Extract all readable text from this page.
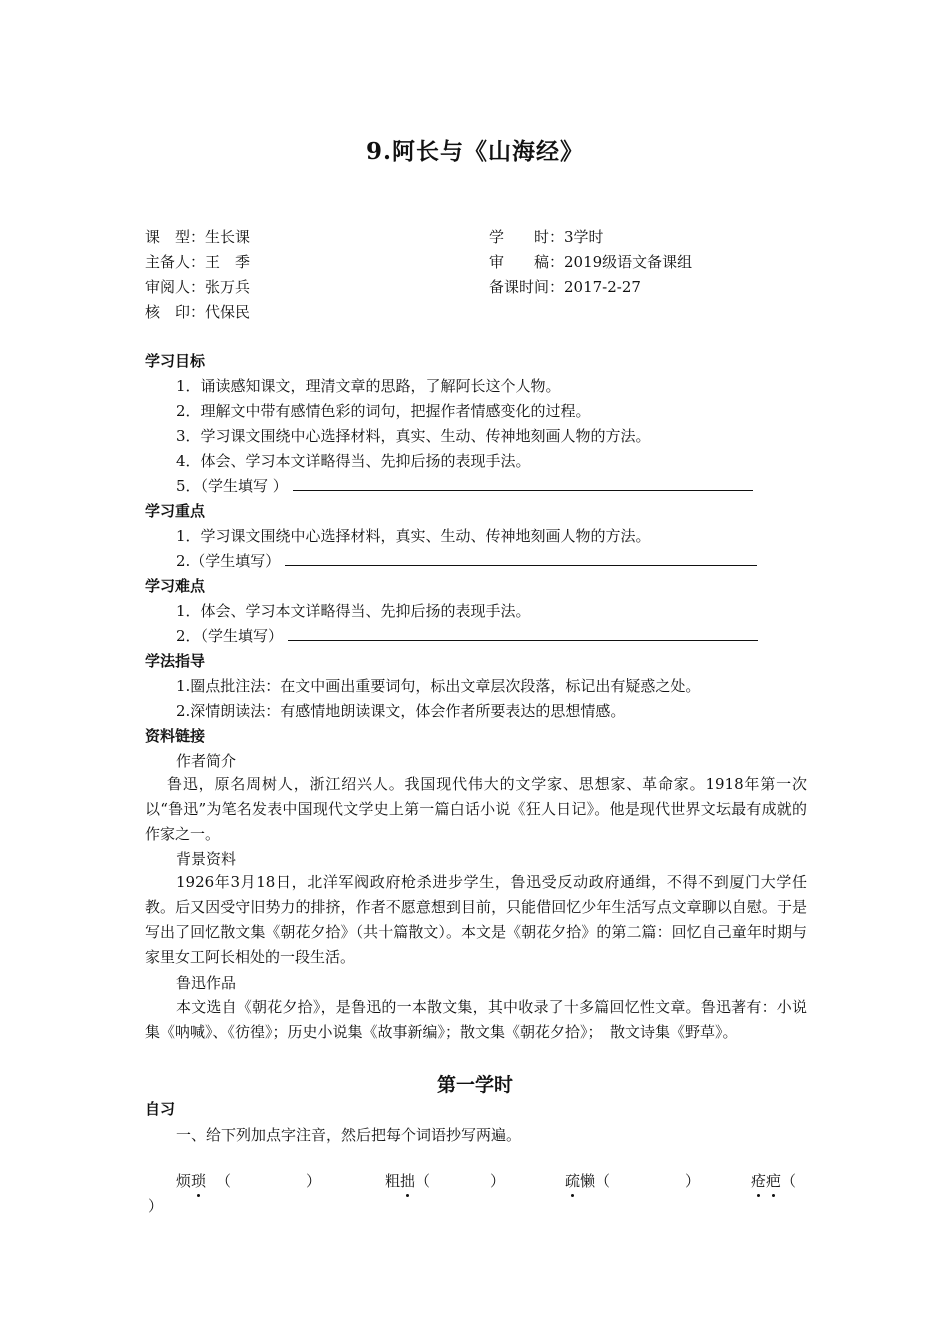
9.阿长与《山海经》
课　型：生长课
主备人：王　季
审阅人：张万兵
核　印：代保民
学　　时：3学时
审　　稿：2019级语文备课组
备课时间：2017-2-27
学习目标
1．诵读感知课文，理清文章的思路，了解阿长这个人物。
2．理解文中带有感情色彩的词句，把握作者情感变化的过程。
3．学习课文围绕中心选择材料，真实、生动、传神地刻画人物的方法。
4．体会、学习本文详略得当、先抑后扬的表现手法。
5．（学生填写 ）
学习重点
1．学习课文围绕中心选择材料，真实、生动、传神地刻画人物的方法。
2.（学生填写）
学习难点
1．体会、学习本文详略得当、先抑后扬的表现手法。
2．（学生填写）
学法指导
1.圈点批注法：在文中画出重要词句，标出文章层次段落，标记出有疑惑之处。
2.深情朗读法：有感情地朗读课文，体会作者所要表达的思想情感。
资料链接
作者简介
鲁迅，原名周树人，浙江绍兴人。我国现代伟大的文学家、思想家、革命家。1918年第一次以“鲁迅”为笔名发表中国现代文学史上第一篇白话小说《狂人日记》。他是现代世界文坛最有成就的作家之一。
背景资料
1926年3月18日，北洋军阀政府枪杀进步学生，鲁迅受反动政府通缉，不得不到厦门大学任教。后又因受守旧势力的排挤，作者不愿意想到目前，只能借回忆少年生活写点文章聊以自慰。于是写出了回忆散文集《朝花夕拾》（共十篇散文）。本文是《朝花夕拾》的第二篇：回忆自己童年时期与家里女工阿长相处的一段生活。
鲁迅作品
本文选自《朝花夕拾》，是鲁迅的一本散文集，其中收录了十多篇回忆性文章。鲁迅著有：小说集《呐喊》、《彷徨》；历史小说集《故事新编》；散文集《朝花夕拾》；　散文诗集《野草》。
第一学时
自习
一、给下列加点字注音，然后把每个词语抄写两遍。
烦琐 （　　　　　）	粗拙（　　　　）	疏懒（　　　　　）	疮疤（
）
